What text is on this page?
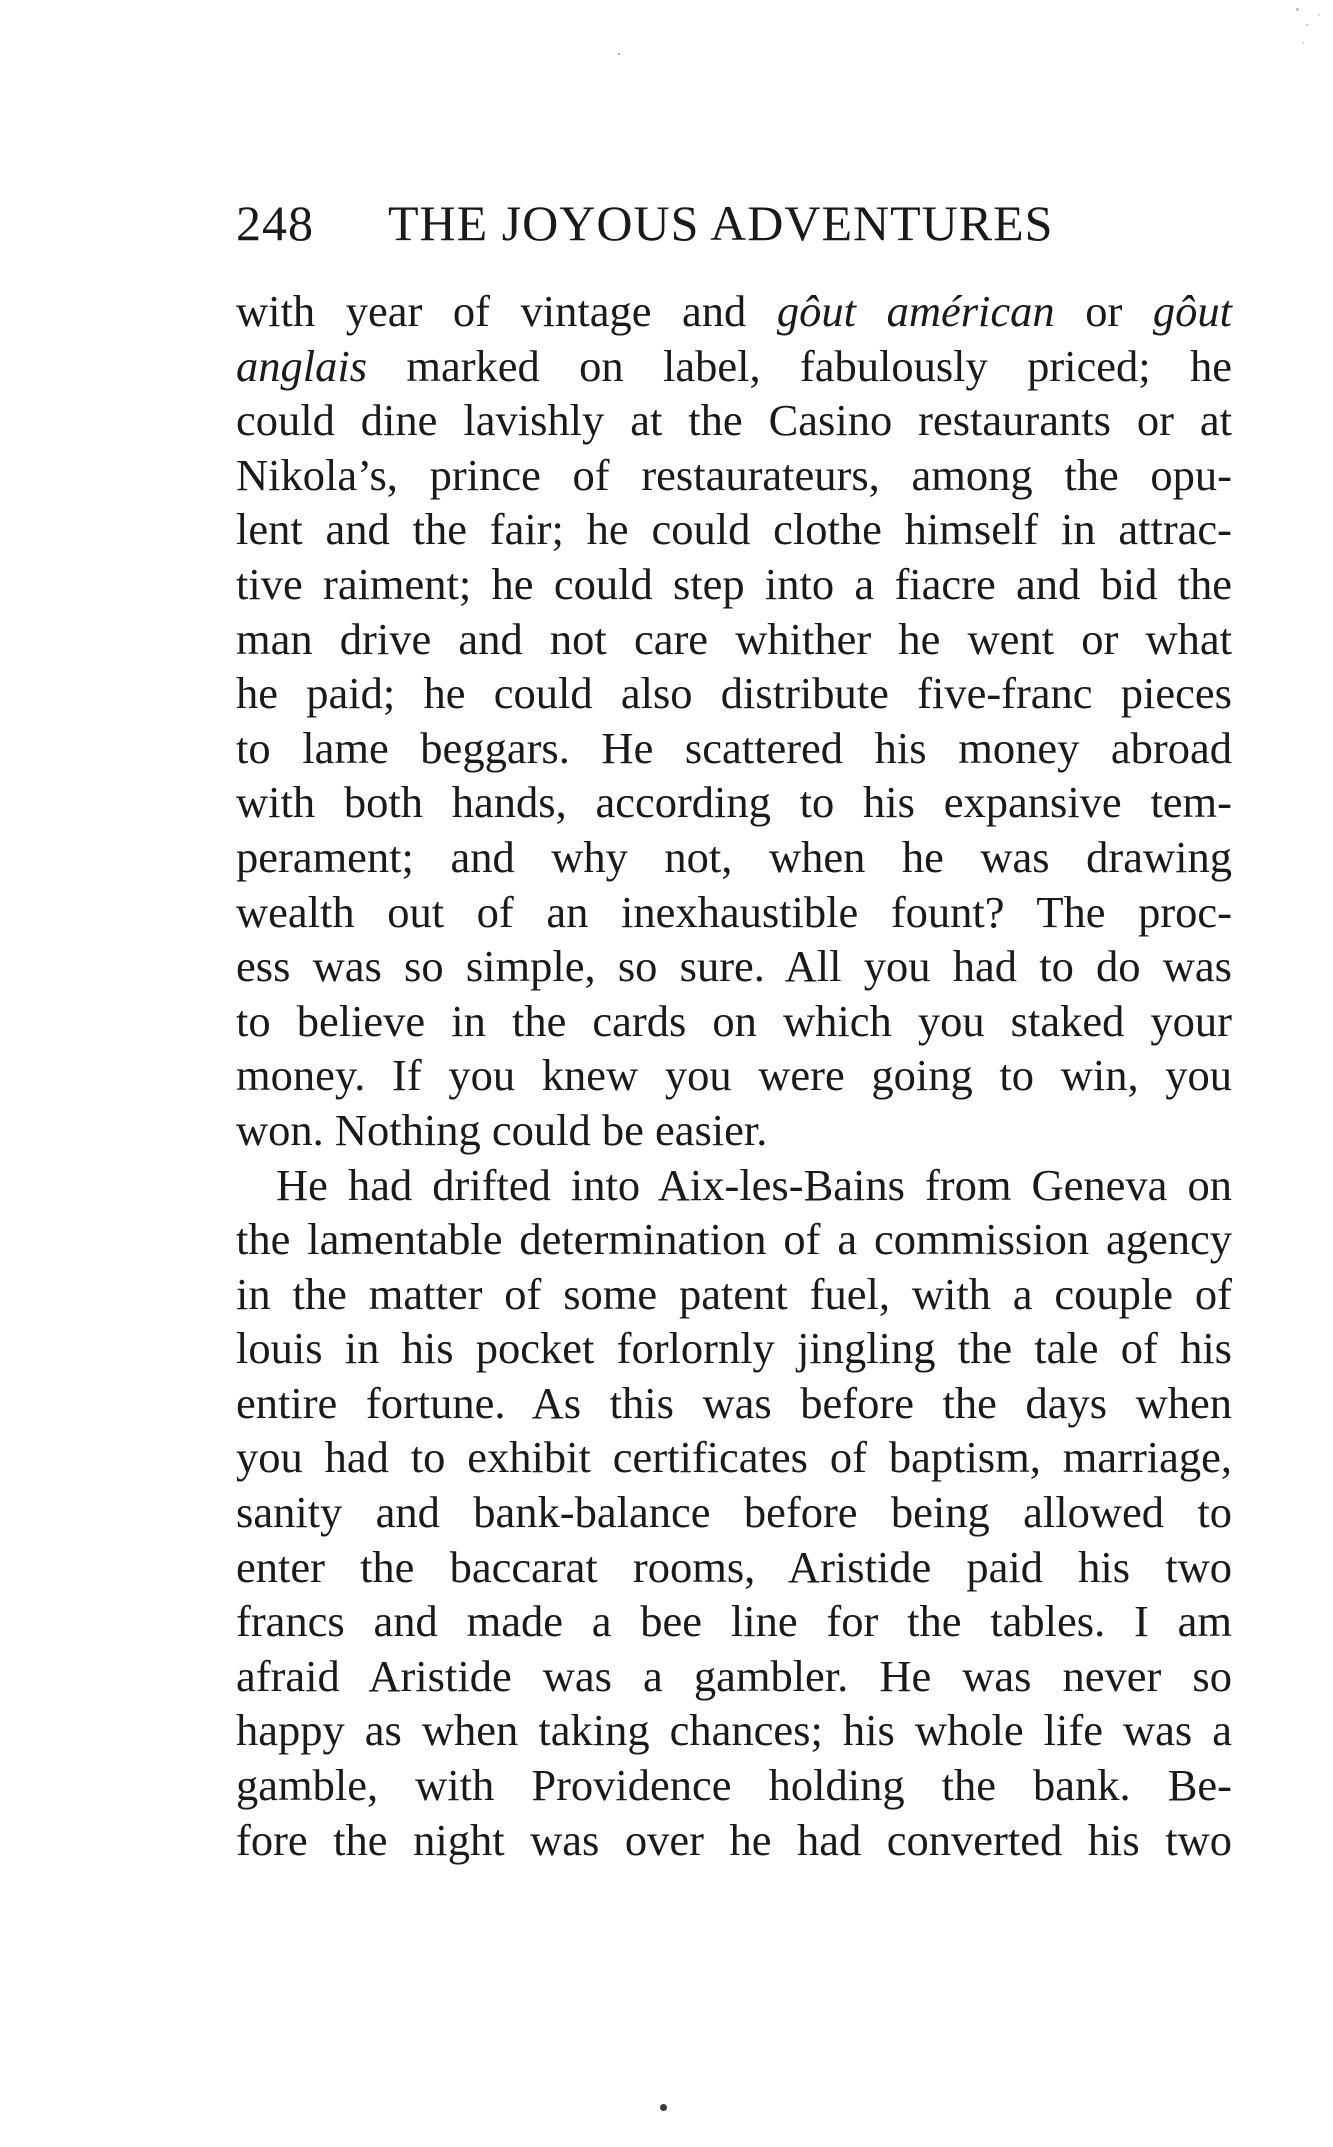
248 THE JOYOUS ADVENTURES
with year of vintage and gôut américan or gôut
anglais marked on label, fabulously priced; he
could dine lavishly at the Casino restaurants or at
Nikola’s, prince of restaurateurs, among the opu-
lent and the fair; he could clothe himself in attrac-
tive raiment; he could step into a fiacre and bid the
man drive and not care whither he went or what
he paid; he could also distribute five-franc pieces
to lame beggars. He scattered his money abroad
with both hands, according to his expansive tem-
perament; and why not, when he was drawing
wealth out of an inexhaustible fount? The proc-
ess was so simple, so sure. All you had to do was
to believe in the cards on which you staked your
money. If you knew you were going to win, you
won. Nothing could be easier.
He had drifted into Aix-les-Bains from Geneva on
the lamentable determination of a commission agency
in the matter of some patent fuel, with a couple of
louis in his pocket forlornly jingling the tale of his
entire fortune. As this was before the days when
you had to exhibit certificates of baptism, marriage,
sanity and bank-balance before being allowed to
enter the baccarat rooms, Aristide paid his two
francs and made a bee line for the tables. I am
afraid Aristide was a gambler. He was never so
happy as when taking chances; his whole life was a
gamble, with Providence holding the bank. Be-
fore the night was over he had converted his two
